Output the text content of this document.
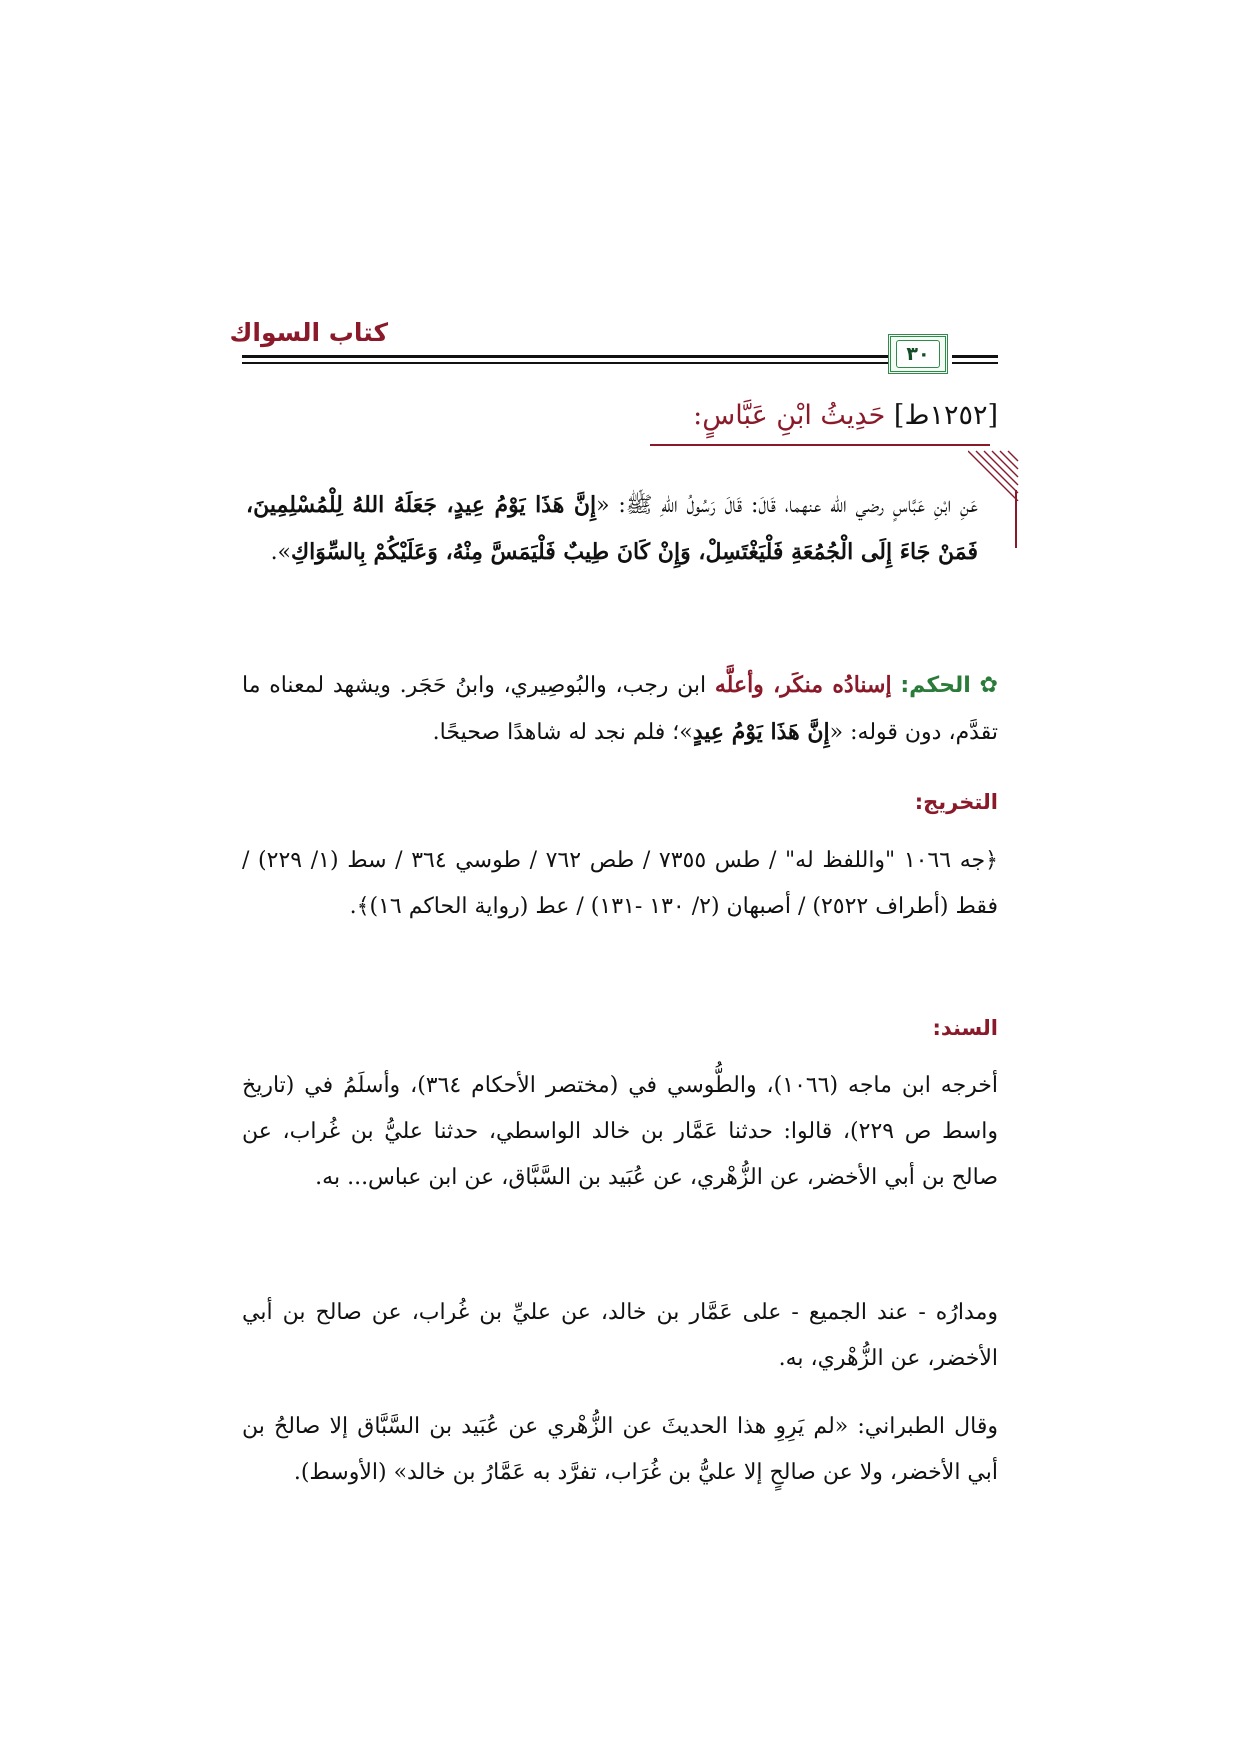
كتاب السواك
٣٠
[١٢٥٢ط] حَدِيثُ ابْنِ عَبَّاسٍ:
عَنِ ابْنِ عَبَّاسٍ رضي الله عنهما، قَالَ: قَالَ رَسُولُ اللهِ ﷺ: «إِنَّ هَذَا يَوْمُ عِيدٍ، جَعَلَهُ اللهُ لِلْمُسْلِمِينَ، فَمَنْ جَاءَ إِلَى الْجُمُعَةِ فَلْيَغْتَسِلْ، وَإِنْ كَانَ طِيبٌ فَلْيَمَسَّ مِنْهُ، وَعَلَيْكُمْ بِالسِّوَاكِ».
✿ الحكم: إسنادُه منكَر، وأعلَّه ابن رجب، والبُوصِيري، وابنُ حَجَر. ويشهد لمعناه ما تقدَّم، دون قوله: «إِنَّ هَذَا يَوْمُ عِيدٍ»؛ فلم نجد له شاهدًا صحيحًا.
التخريج:
﴿جه ١٠٦٦ "واللفظ له" / طس ٧٣٥٥ / طص ٧٦٢ / طوسي ٣٦٤ / سط (١/ ٢٢٩) / فقط (أطراف ٢٥٢٢) / أصبهان (٢/ ١٣٠ -١٣١) / عط (رواية الحاكم ١٦)﴾.
السند:
أخرجه ابن ماجه (١٠٦٦)، والطُّوسي في (مختصر الأحكام ٣٦٤)، وأسلَمُ في (تاريخ واسط ص ٢٢٩)، قالوا: حدثنا عَمَّار بن خالد الواسطي، حدثنا عليُّ بن غُراب، عن صالح بن أبي الأخضر، عن الزُّهْري، عن عُبَيد بن السَّبَّاق، عن ابن عباس... به.
ومدارُه - عند الجميع - على عَمَّار بن خالد، عن عليِّ بن غُراب، عن صالح بن أبي الأخضر، عن الزُّهْري، به.
وقال الطبراني: «لم يَرِوِ هذا الحديثَ عن الزُّهْري عن عُبَيد بن السَّبَّاق إلا صالحُ بن أبي الأخضر، ولا عن صالحٍ إلا عليُّ بن غُرَاب، تفرَّد به عَمَّارُ بن خالد» (الأوسط).
